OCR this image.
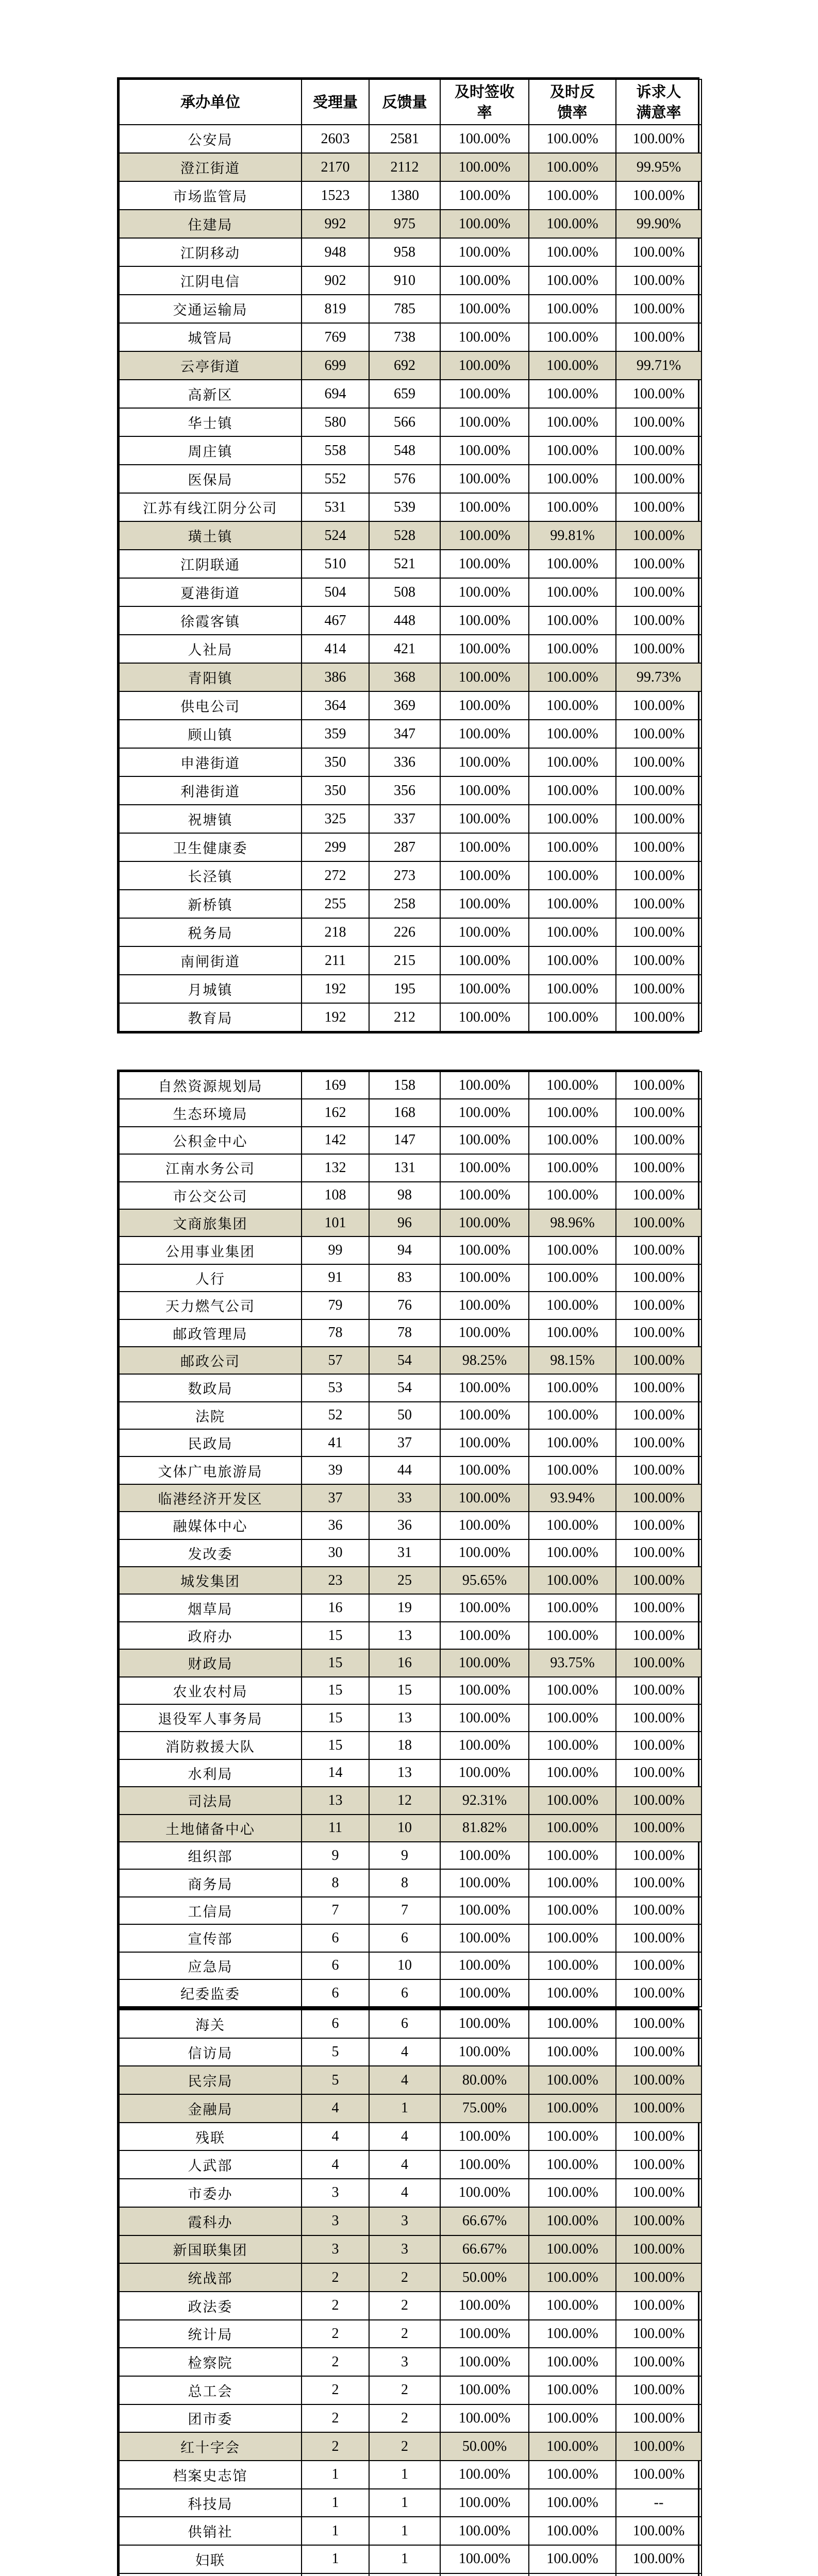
承办单位	受理量	反馈量	及时签收率	及时反馈率	诉求人满意率
公安局	2603	2581	100.00%	100.00%	100.00%
澄江街道	2170	2112	100.00%	100.00%	99.95%
市场监管局	1523	1380	100.00%	100.00%	100.00%
住建局	992	975	100.00%	100.00%	99.90%
江阴移动	948	958	100.00%	100.00%	100.00%
江阴电信	902	910	100.00%	100.00%	100.00%
交通运输局	819	785	100.00%	100.00%	100.00%
城管局	769	738	100.00%	100.00%	100.00%
云亭街道	699	692	100.00%	100.00%	99.71%
高新区	694	659	100.00%	100.00%	100.00%
华士镇	580	566	100.00%	100.00%	100.00%
周庄镇	558	548	100.00%	100.00%	100.00%
医保局	552	576	100.00%	100.00%	100.00%
江苏有线江阴分公司	531	539	100.00%	100.00%	100.00%
璜土镇	524	528	100.00%	99.81%	100.00%
江阴联通	510	521	100.00%	100.00%	100.00%
夏港街道	504	508	100.00%	100.00%	100.00%
徐霞客镇	467	448	100.00%	100.00%	100.00%
人社局	414	421	100.00%	100.00%	100.00%
青阳镇	386	368	100.00%	100.00%	99.73%
供电公司	364	369	100.00%	100.00%	100.00%
顾山镇	359	347	100.00%	100.00%	100.00%
申港街道	350	336	100.00%	100.00%	100.00%
利港街道	350	356	100.00%	100.00%	100.00%
祝塘镇	325	337	100.00%	100.00%	100.00%
卫生健康委	299	287	100.00%	100.00%	100.00%
长泾镇	272	273	100.00%	100.00%	100.00%
新桥镇	255	258	100.00%	100.00%	100.00%
税务局	218	226	100.00%	100.00%	100.00%
南闸街道	211	215	100.00%	100.00%	100.00%
月城镇	192	195	100.00%	100.00%	100.00%
教育局	192	212	100.00%	100.00%	100.00%
自然资源规划局	169	158	100.00%	100.00%	100.00%
生态环境局	162	168	100.00%	100.00%	100.00%
公积金中心	142	147	100.00%	100.00%	100.00%
江南水务公司	132	131	100.00%	100.00%	100.00%
市公交公司	108	98	100.00%	100.00%	100.00%
文商旅集团	101	96	100.00%	98.96%	100.00%
公用事业集团	99	94	100.00%	100.00%	100.00%
人行	91	83	100.00%	100.00%	100.00%
天力燃气公司	79	76	100.00%	100.00%	100.00%
邮政管理局	78	78	100.00%	100.00%	100.00%
邮政公司	57	54	98.25%	98.15%	100.00%
数政局	53	54	100.00%	100.00%	100.00%
法院	52	50	100.00%	100.00%	100.00%
民政局	41	37	100.00%	100.00%	100.00%
文体广电旅游局	39	44	100.00%	100.00%	100.00%
临港经济开发区	37	33	100.00%	93.94%	100.00%
融媒体中心	36	36	100.00%	100.00%	100.00%
发改委	30	31	100.00%	100.00%	100.00%
城发集团	23	25	95.65%	100.00%	100.00%
烟草局	16	19	100.00%	100.00%	100.00%
政府办	15	13	100.00%	100.00%	100.00%
财政局	15	16	100.00%	93.75%	100.00%
农业农村局	15	15	100.00%	100.00%	100.00%
退役军人事务局	15	13	100.00%	100.00%	100.00%
消防救援大队	15	18	100.00%	100.00%	100.00%
水利局	14	13	100.00%	100.00%	100.00%
司法局	13	12	92.31%	100.00%	100.00%
土地储备中心	11	10	81.82%	100.00%	100.00%
组织部	9	9	100.00%	100.00%	100.00%
商务局	8	8	100.00%	100.00%	100.00%
工信局	7	7	100.00%	100.00%	100.00%
宣传部	6	6	100.00%	100.00%	100.00%
应急局	6	10	100.00%	100.00%	100.00%
纪委监委	6	6	100.00%	100.00%	100.00%
海关	6	6	100.00%	100.00%	100.00%
信访局	5	4	100.00%	100.00%	100.00%
民宗局	5	4	80.00%	100.00%	100.00%
金融局	4	1	75.00%	100.00%	100.00%
残联	4	4	100.00%	100.00%	100.00%
人武部	4	4	100.00%	100.00%	100.00%
市委办	3	4	100.00%	100.00%	100.00%
霞科办	3	3	66.67%	100.00%	100.00%
新国联集团	3	3	66.67%	100.00%	100.00%
统战部	2	2	50.00%	100.00%	100.00%
政法委	2	2	100.00%	100.00%	100.00%
统计局	2	2	100.00%	100.00%	100.00%
检察院	2	3	100.00%	100.00%	100.00%
总工会	2	2	100.00%	100.00%	100.00%
团市委	2	2	100.00%	100.00%	100.00%
红十字会	2	2	50.00%	100.00%	100.00%
档案史志馆	1	1	100.00%	100.00%	100.00%
科技局	1	1	100.00%	100.00%	--
供销社	1	1	100.00%	100.00%	100.00%
妇联	1	1	100.00%	100.00%	100.00%
